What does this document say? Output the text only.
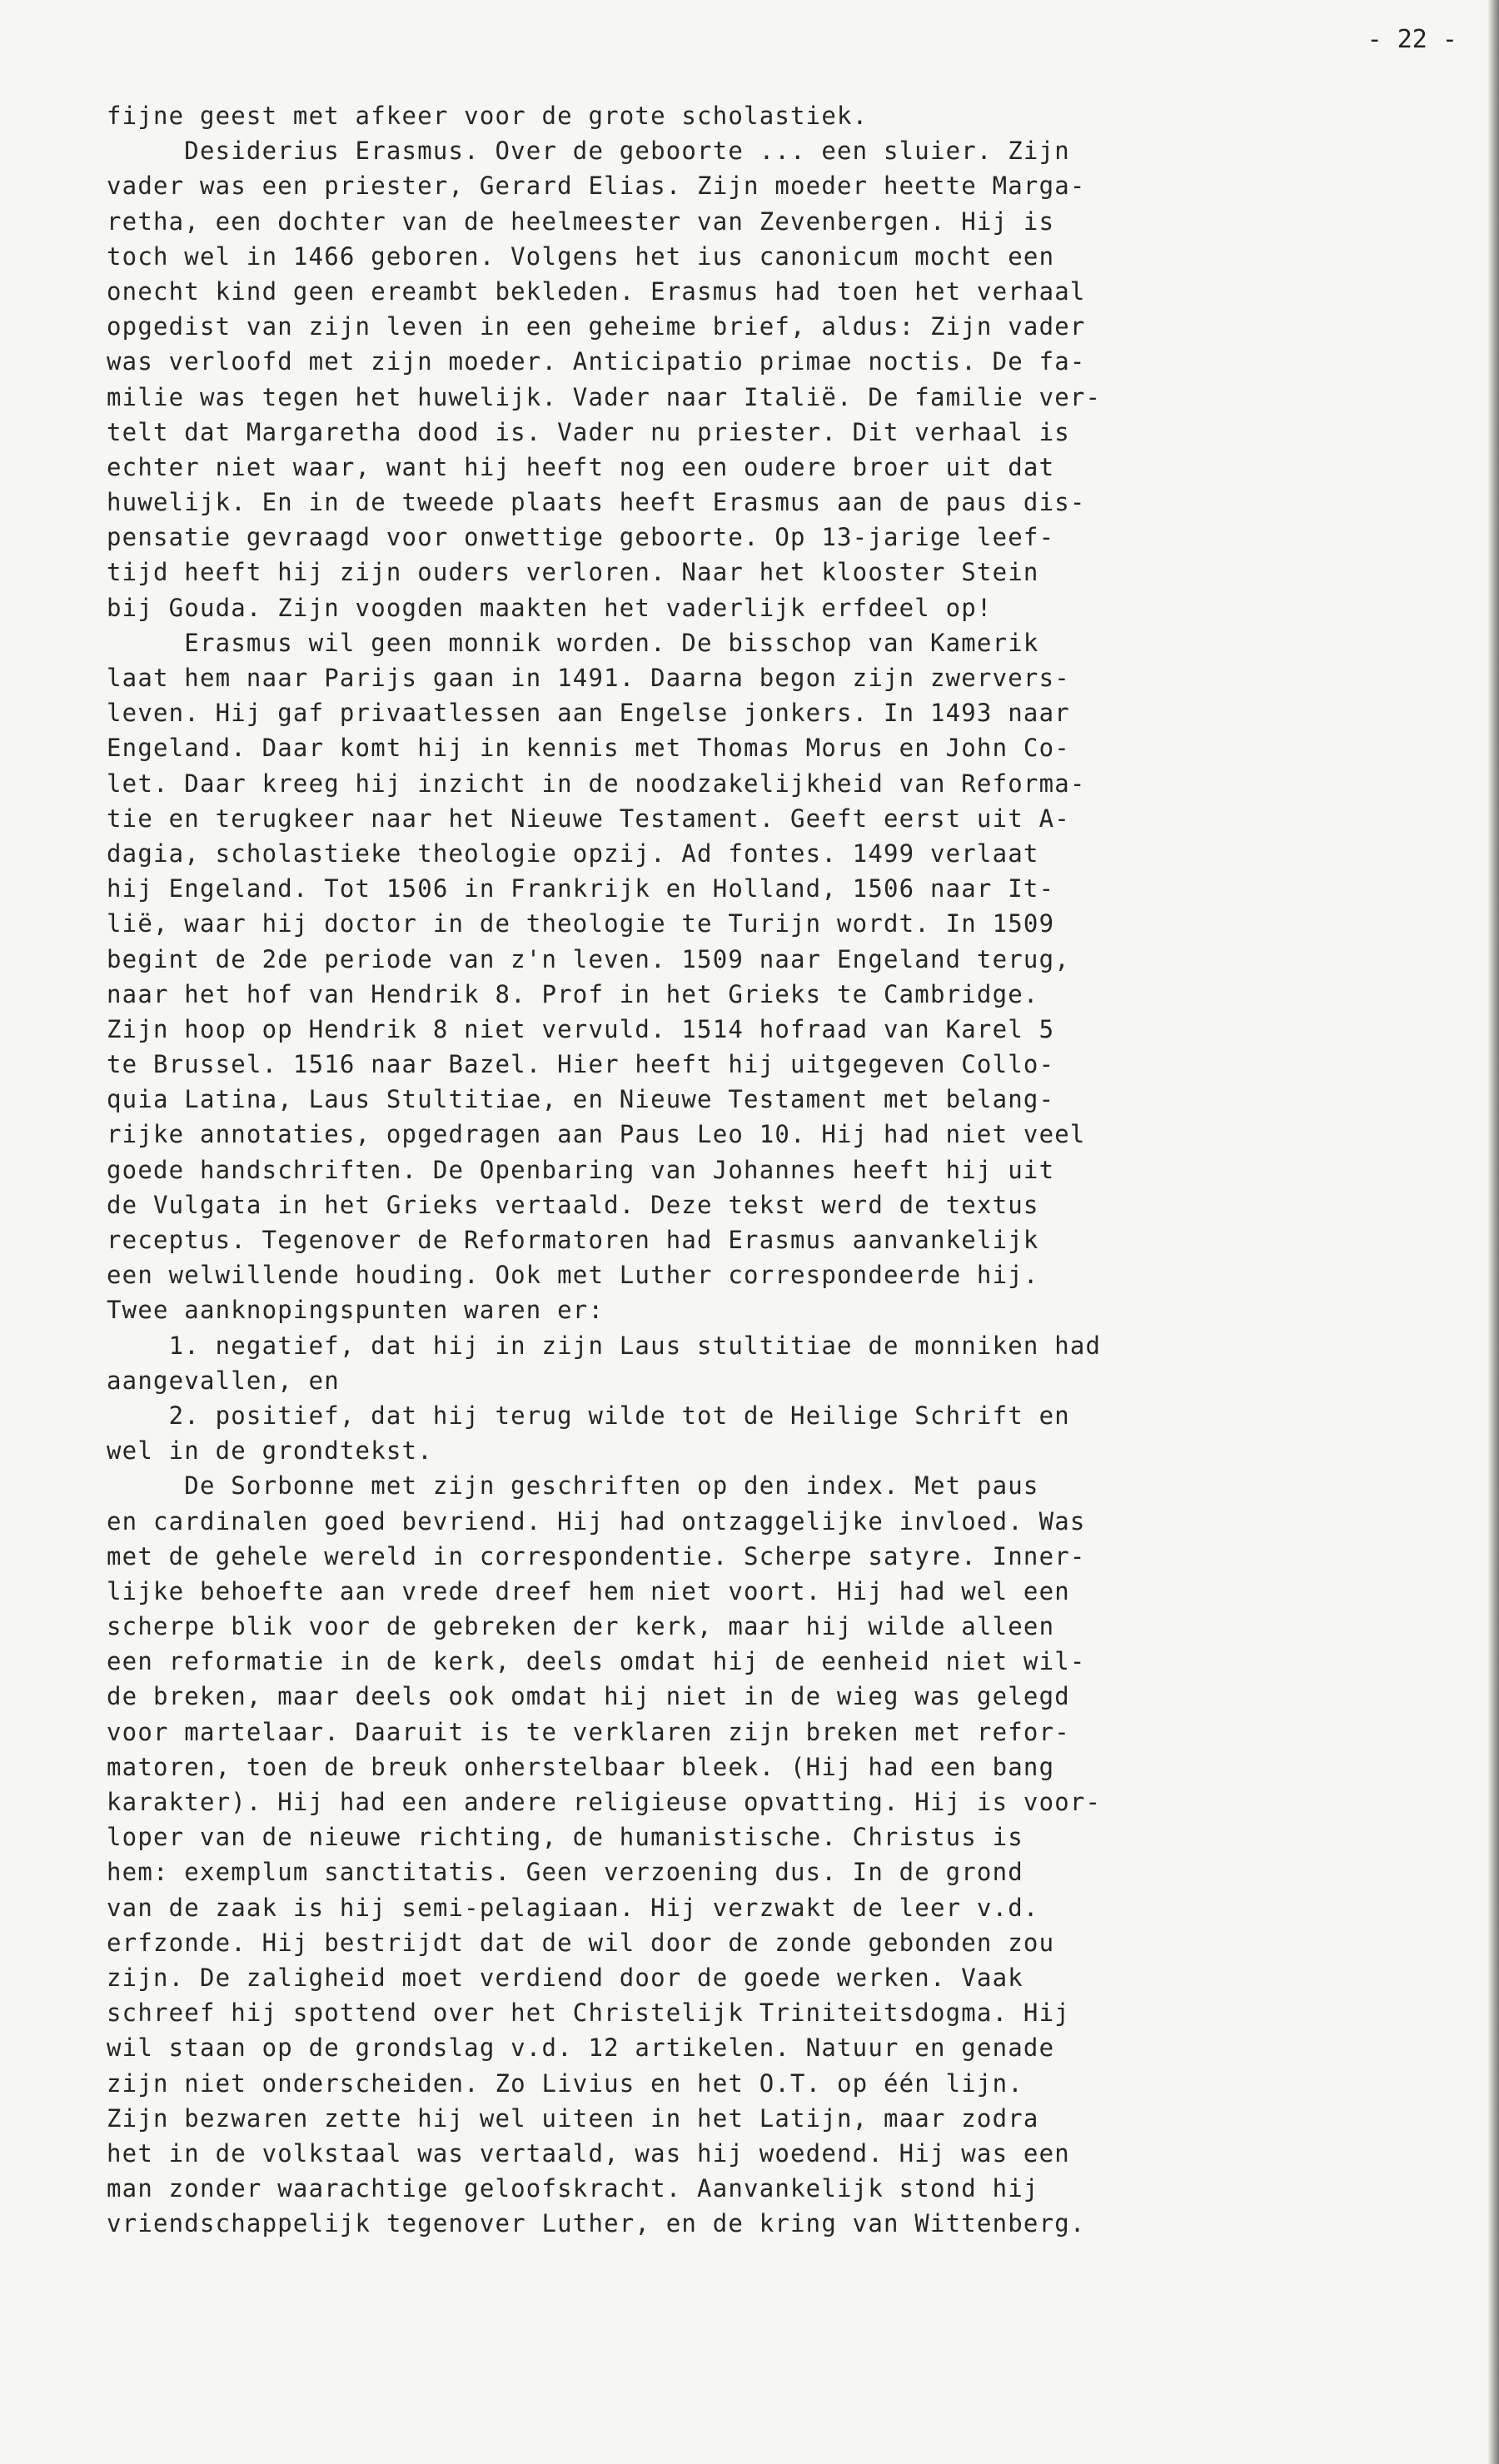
- 22 -
fijne geest met afkeer voor de grote scholastiek.
Desiderius Erasmus. Over de geboorte ... een sluier. Zijn
vader was een priester, Gerard Elias. Zijn moeder heette Marga-
retha, een dochter van de heelmeester van Zevenbergen. Hij is
toch wel in 1466 geboren. Volgens het ius canonicum mocht een
onecht kind geen ereambt bekleden. Erasmus had toen het verhaal
opgedist van zijn leven in een geheime brief, aldus: Zijn vader
was verloofd met zijn moeder. Anticipatio primae noctis. De fa-
milie was tegen het huwelijk. Vader naar Italië. De familie ver-
telt dat Margaretha dood is. Vader nu priester. Dit verhaal is
echter niet waar, want hij heeft nog een oudere broer uit dat
huwelijk. En in de tweede plaats heeft Erasmus aan de paus dis-
pensatie gevraagd voor onwettige geboorte. Op 13-jarige leef-
tijd heeft hij zijn ouders verloren. Naar het klooster Stein
bij Gouda. Zijn voogden maakten het vaderlijk erfdeel op!
Erasmus wil geen monnik worden. De bisschop van Kamerik
laat hem naar Parijs gaan in 1491. Daarna begon zijn zwervers-
leven. Hij gaf privaatlessen aan Engelse jonkers. In 1493 naar
Engeland. Daar komt hij in kennis met Thomas Morus en John Co-
let. Daar kreeg hij inzicht in de noodzakelijkheid van Reforma-
tie en terugkeer naar het Nieuwe Testament. Geeft eerst uit A-
dagia, scholastieke theologie opzij. Ad fontes. 1499 verlaat
hij Engeland. Tot 1506 in Frankrijk en Holland, 1506 naar It-
lië, waar hij doctor in de theologie te Turijn wordt. In 1509
begint de 2de periode van z'n leven. 1509 naar Engeland terug,
naar het hof van Hendrik 8. Prof in het Grieks te Cambridge.
Zijn hoop op Hendrik 8 niet vervuld. 1514 hofraad van Karel 5
te Brussel. 1516 naar Bazel. Hier heeft hij uitgegeven Collo-
quia Latina, Laus Stultitiae, en Nieuwe Testament met belang-
rijke annotaties, opgedragen aan Paus Leo 10. Hij had niet veel
goede handschriften. De Openbaring van Johannes heeft hij uit
de Vulgata in het Grieks vertaald. Deze tekst werd de textus
receptus. Tegenover de Reformatoren had Erasmus aanvankelijk
een welwillende houding. Ook met Luther correspondeerde hij.
Twee aanknopingspunten waren er:
1. negatief, dat hij in zijn Laus stultitiae de monniken had
aangevallen, en
2. positief, dat hij terug wilde tot de Heilige Schrift en
wel in de grondtekst.
De Sorbonne met zijn geschriften op den index. Met paus
en cardinalen goed bevriend. Hij had ontzaggelijke invloed. Was
met de gehele wereld in correspondentie. Scherpe satyre. Inner-
lijke behoefte aan vrede dreef hem niet voort. Hij had wel een
scherpe blik voor de gebreken der kerk, maar hij wilde alleen
een reformatie in de kerk, deels omdat hij de eenheid niet wil-
de breken, maar deels ook omdat hij niet in de wieg was gelegd
voor martelaar. Daaruit is te verklaren zijn breken met refor-
matoren, toen de breuk onherstelbaar bleek. (Hij had een bang
karakter). Hij had een andere religieuse opvatting. Hij is voor-
loper van de nieuwe richting, de humanistische. Christus is
hem: exemplum sanctitatis. Geen verzoening dus. In de grond
van de zaak is hij semi-pelagiaan. Hij verzwakt de leer v.d.
erfzonde. Hij bestrijdt dat de wil door de zonde gebonden zou
zijn. De zaligheid moet verdiend door de goede werken. Vaak
schreef hij spottend over het Christelijk Triniteitsdogma. Hij
wil staan op de grondslag v.d. 12 artikelen. Natuur en genade
zijn niet onderscheiden. Zo Livius en het O.T. op één lijn.
Zijn bezwaren zette hij wel uiteen in het Latijn, maar zodra
het in de volkstaal was vertaald, was hij woedend. Hij was een
man zonder waarachtige geloofskracht. Aanvankelijk stond hij
vriendschappelijk tegenover Luther, en de kring van Wittenberg.
